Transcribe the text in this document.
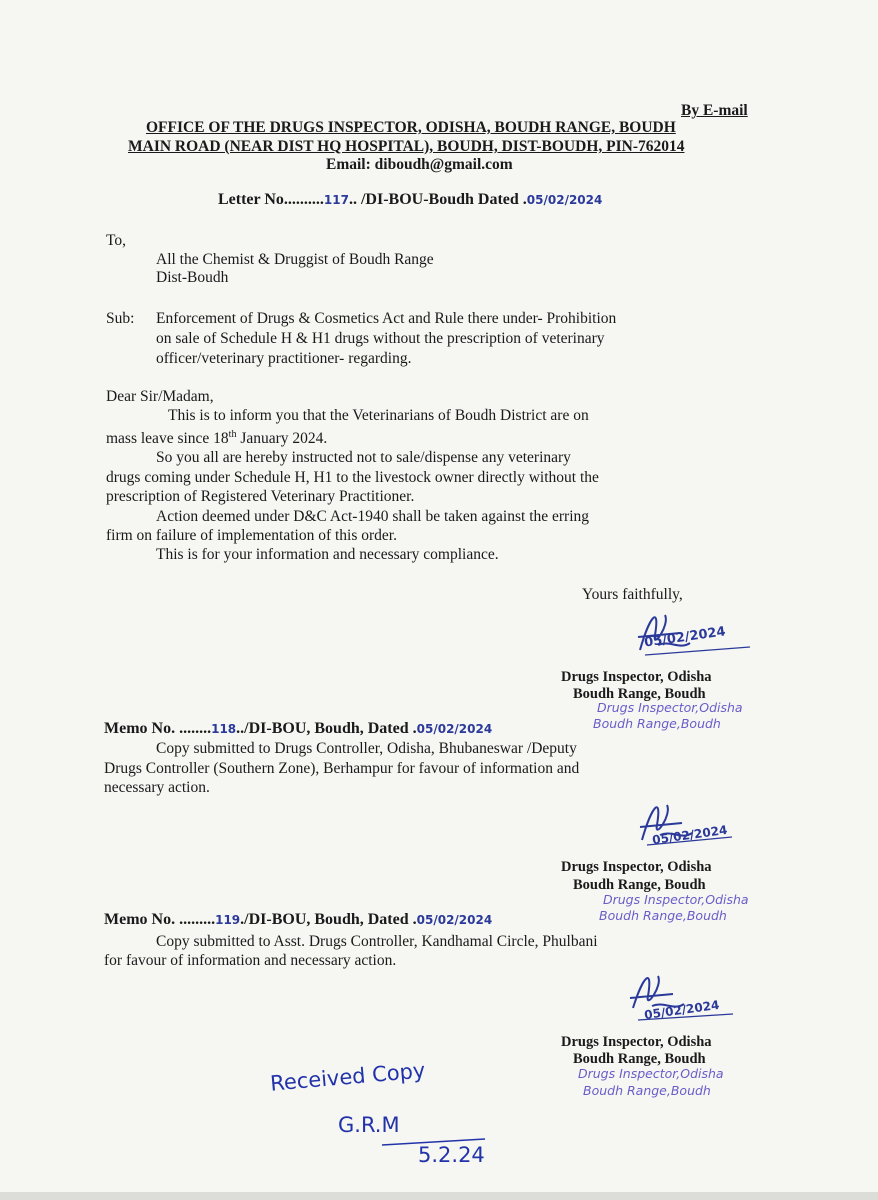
By E-mail
OFFICE OF THE DRUGS INSPECTOR, ODISHA, BOUDH RANGE, BOUDH
MAIN ROAD (NEAR DIST HQ HOSPITAL), BOUDH, DIST-BOUDH, PIN-762014
Email: diboudh@gmail.com
Letter No..........117.. /DI-BOU-Boudh Dated .05/02/2024
To,
All the Chemist & Druggist of Boudh Range
Dist-Boudh
Sub: Enforcement of Drugs & Cosmetics Act and Rule there under- Prohibition
on sale of Schedule H & H1 drugs without the prescription of veterinary
officer/veterinary practitioner- regarding.
Dear Sir/Madam,
This is to inform you that the Veterinarians of Boudh District are on
mass leave since 18th January 2024.
So you all are hereby instructed not to sale/dispense any veterinary
drugs coming under Schedule H, H1 to the livestock owner directly without the
prescription of Registered Veterinary Practitioner.
Action deemed under D&C Act-1940 shall be taken against the erring
firm on failure of implementation of this order.
This is for your information and necessary compliance.
Yours faithfully,
05/02/2024
Drugs Inspector, Odisha
Boudh Range, Boudh
Drugs Inspector,Odisha
Boudh Range,Boudh
Memo No. ........118../DI-BOU, Boudh, Dated .05/02/2024
Copy submitted to Drugs Controller, Odisha, Bhubaneswar /Deputy
Drugs Controller (Southern Zone), Berhampur for favour of information and
necessary action.
05/02/2024
Drugs Inspector, Odisha
Boudh Range, Boudh
Drugs Inspector,Odisha
Boudh Range,Boudh
Memo No. .........119./DI-BOU, Boudh, Dated .05/02/2024
Copy submitted to Asst. Drugs Controller, Kandhamal Circle, Phulbani
for favour of information and necessary action.
05/02/2024
Drugs Inspector, Odisha
Boudh Range, Boudh
Drugs Inspector,Odisha
Boudh Range,Boudh
Received Copy
G.R.M
5.2.24
